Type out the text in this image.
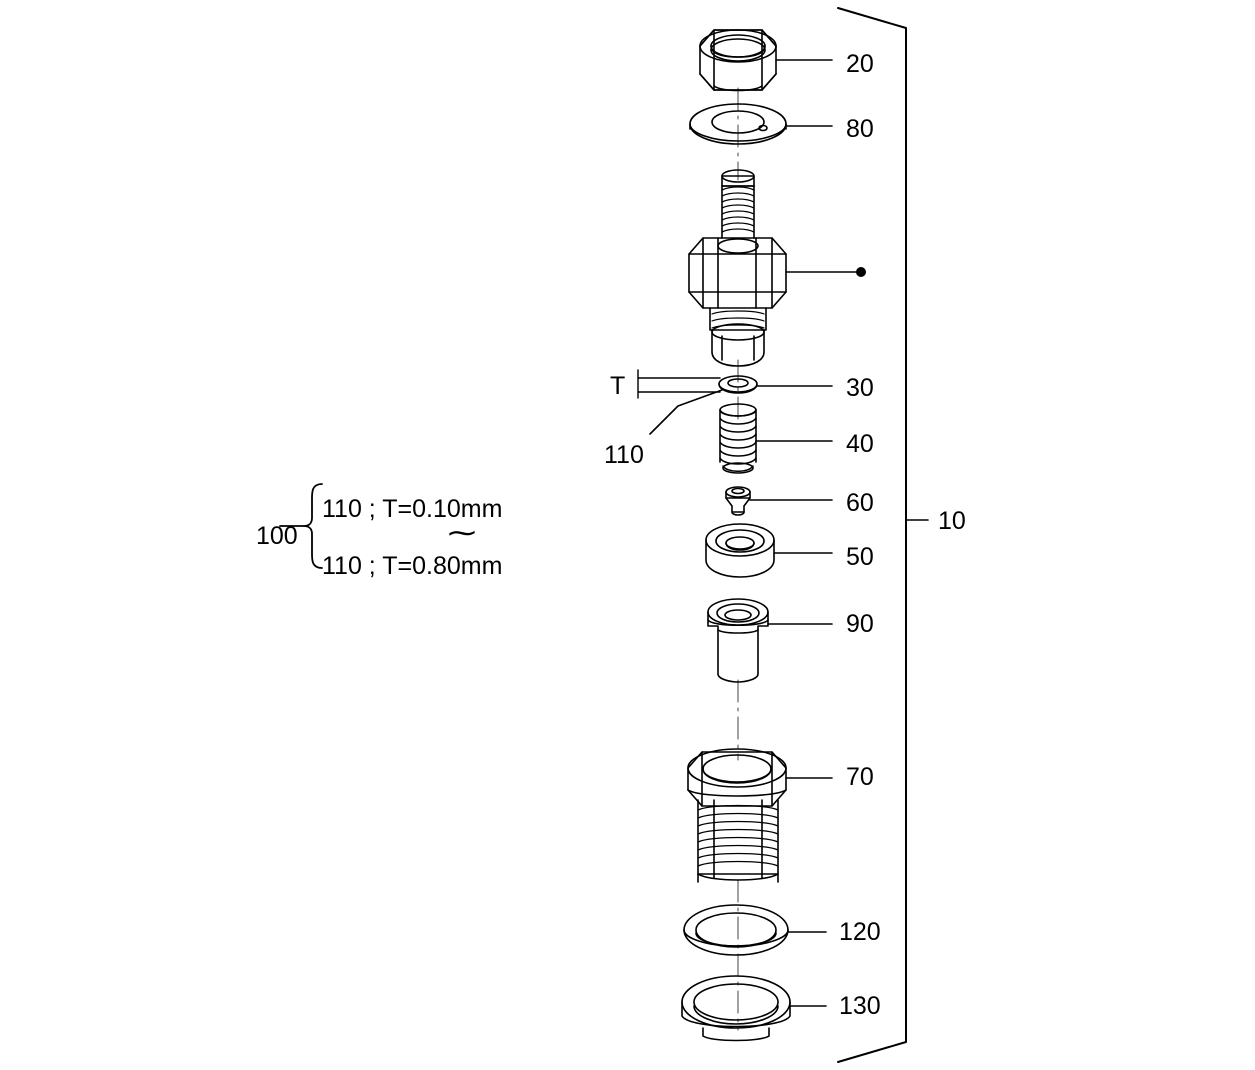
20
80
30
40
60
50
90
70
120
130
10
110
T
100
110 ; T=0.10mm
⁓
110 ; T=0.80mm
